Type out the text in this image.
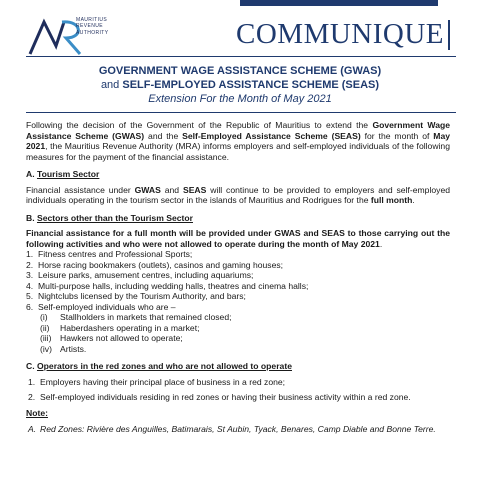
MAURITIUS
REVENUE
AUTHORITY	COMMUNIQUE
GOVERNMENT WAGE ASSISTANCE SCHEME (GWAS)
and SELF-EMPLOYED ASSISTANCE SCHEME (SEAS)
Extension For the Month of May 2021

Following the decision of the Government of the Republic of Mauritius to extend the Government Wage Assistance Scheme (GWAS) and the Self-Employed Assistance Scheme (SEAS) for the month of May 2021, the Mauritius Revenue Authority (MRA) informs employers and self-employed individuals of the following measures for the payment of the financial assistance.

A. Tourism Sector

Financial assistance under GWAS and SEAS will continue to be provided to employers and self-employed individuals operating in the tourism sector in the islands of Mauritius and Rodrigues for the full month.

B. Sectors other than the Tourism Sector

Financial assistance for a full month will be provided under GWAS and SEAS to those carrying out the following activities and who were not allowed to operate during the month of May 2021.

1. Fitness centres and Professional Sports;
2. Horse racing bookmakers (outlets), casinos and gaming houses;
3. Leisure parks, amusement centres, including aquariums;
4. Multi-purpose halls, including wedding halls, theatres and cinema halls;
5. Nightclubs licensed by the Tourism Authority, and bars;
6. Self-employed individuals who are –
(i)	Stallholders in markets that remained closed;
(ii)	Haberdashers operating in a market;
(iii) Hawkers not allowed to operate;
(iv) Artists.
C. Operators in the red zones and who are not allowed to operate
1. Employers having their principal place of business in a red zone;
2. Self-employed individuals residing in red zones or having their business activity within a red zone.
Note:
A. Red Zones: Rivière des Anguilles, Batimarais, St Aubin, Tyack, Benares, Camp Diable and Bonne Terre.
